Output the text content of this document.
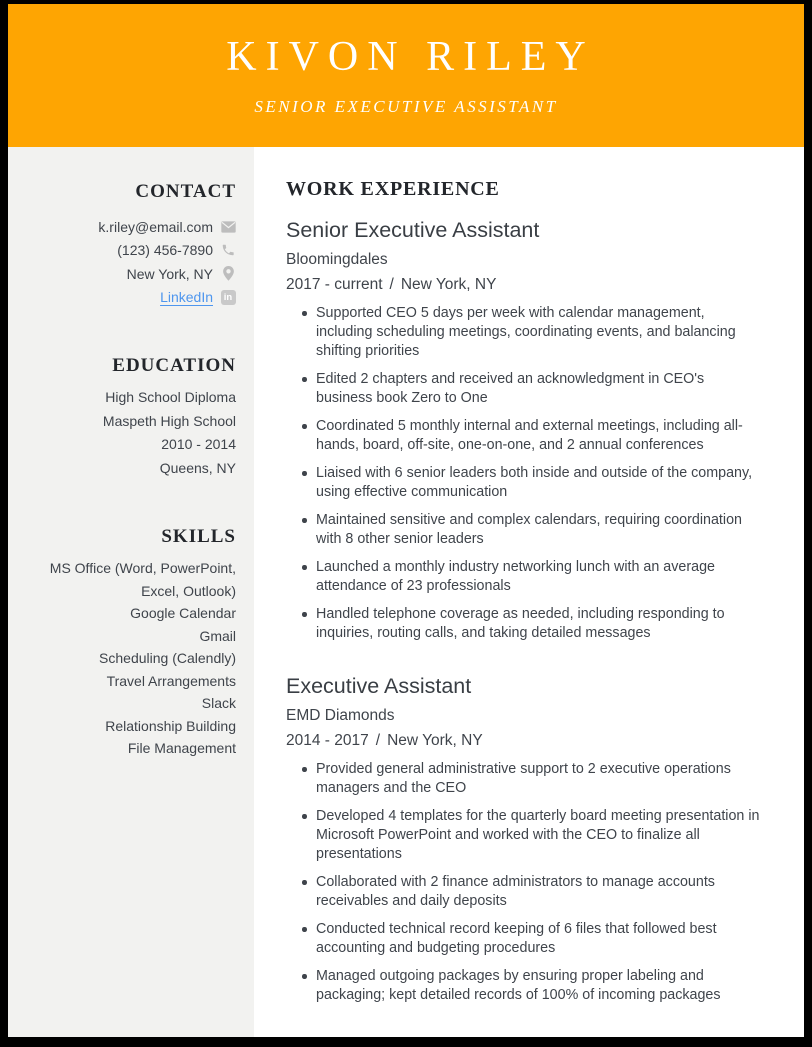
KIVON RILEY
SENIOR EXECUTIVE ASSISTANT
CONTACT
k.riley@email.com
(123) 456-7890
New York, NY
LinkedIn	in
EDUCATION
High School Diploma
Maspeth High School
2010 - 2014
Queens, NY
SKILLS
MS Office (Word, PowerPoint, Excel, Outlook)
Google Calendar
Gmail
Scheduling (Calendly)
Travel Arrangements
Slack
Relationship Building
File Management
WORK EXPERIENCE
Senior Executive Assistant
Bloomingdales
2017 - current / New York, NY
Supported CEO 5 days per week with calendar management, including scheduling meetings, coordinating events, and balancing shifting priorities
Edited 2 chapters and received an acknowledgment in CEO's business book Zero to One
Coordinated 5 monthly internal and external meetings, including all-hands, board, off-site, one-on-one, and 2 annual conferences
Liaised with 6 senior leaders both inside and outside of the company, using effective communication
Maintained sensitive and complex calendars, requiring coordination with 8 other senior leaders
Launched a monthly industry networking lunch with an average attendance of 23 professionals
Handled telephone coverage as needed, including responding to inquiries, routing calls, and taking detailed messages
Executive Assistant
EMD Diamonds
2014 - 2017 / New York, NY
Provided general administrative support to 2 executive operations managers and the CEO
Developed 4 templates for the quarterly board meeting presentation in Microsoft PowerPoint and worked with the CEO to finalize all presentations
Collaborated with 2 finance administrators to manage accounts receivables and daily deposits
Conducted technical record keeping of 6 files that followed best accounting and budgeting procedures
Managed outgoing packages by ensuring proper labeling and packaging; kept detailed records of 100% of incoming packages
